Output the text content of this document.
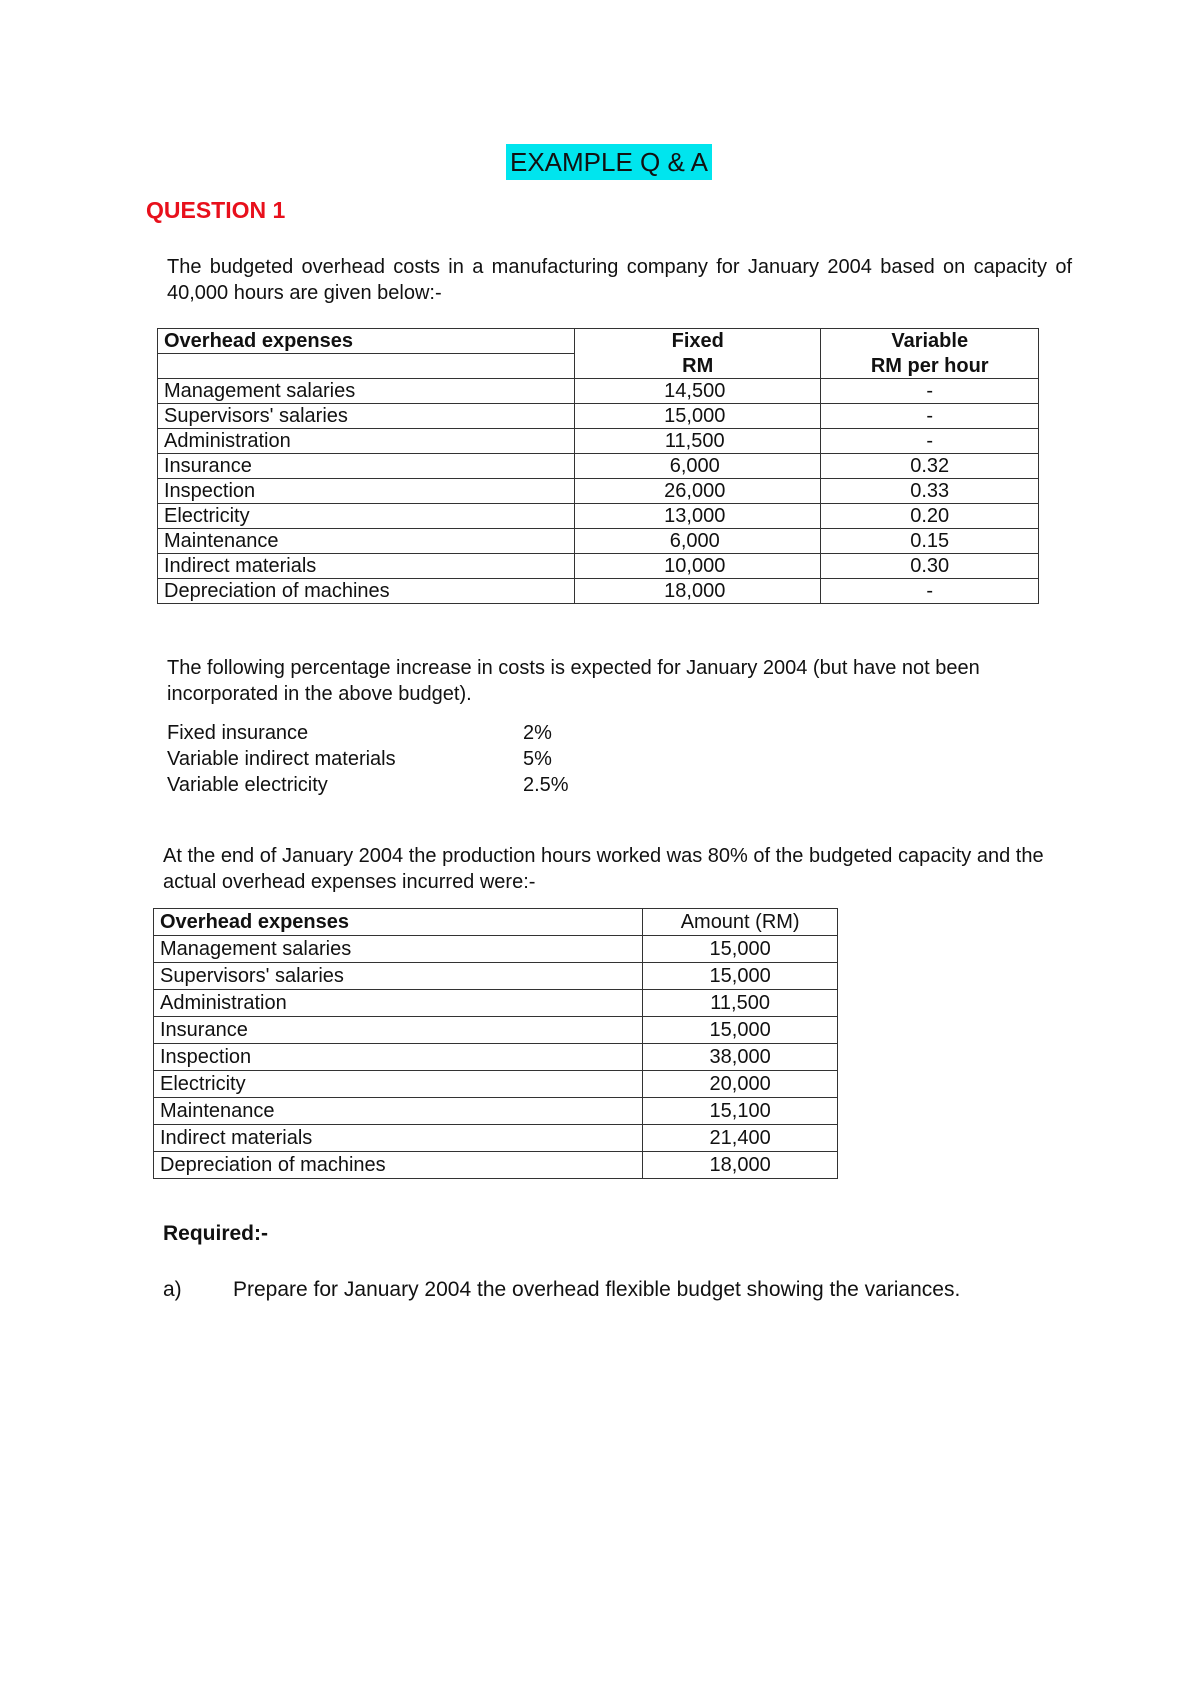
EXAMPLE Q & A
QUESTION 1
The budgeted overhead costs in a manufacturing company for January 2004 based on capacity of 40,000 hours are given below:-
Overhead expenses	Fixed	Variable
	RM	RM per hour
Management salaries	14,500	-
Supervisors' salaries	15,000	-
Administration	11,500	-
Insurance	6,000	0.32
Inspection	26,000	0.33
Electricity	13,000	0.20
Maintenance	6,000	0.15
Indirect materials	10,000	0.30
Depreciation of machines	18,000	-
The following percentage increase in costs is expected for January 2004 (but have not been incorporated in the above budget).
Fixed insurance	2%
Variable indirect materials	5%
Variable electricity	2.5%
At the end of January 2004 the production hours worked was 80% of the budgeted capacity and the actual overhead expenses incurred were:-
Overhead expenses	Amount (RM)
Management salaries	15,000
Supervisors' salaries	15,000
Administration	11,500
Insurance	15,000
Inspection	38,000
Electricity	20,000
Maintenance	15,100
Indirect materials	21,400
Depreciation of machines	18,000
Required:-
a) Prepare for January 2004 the overhead flexible budget showing the variances.
